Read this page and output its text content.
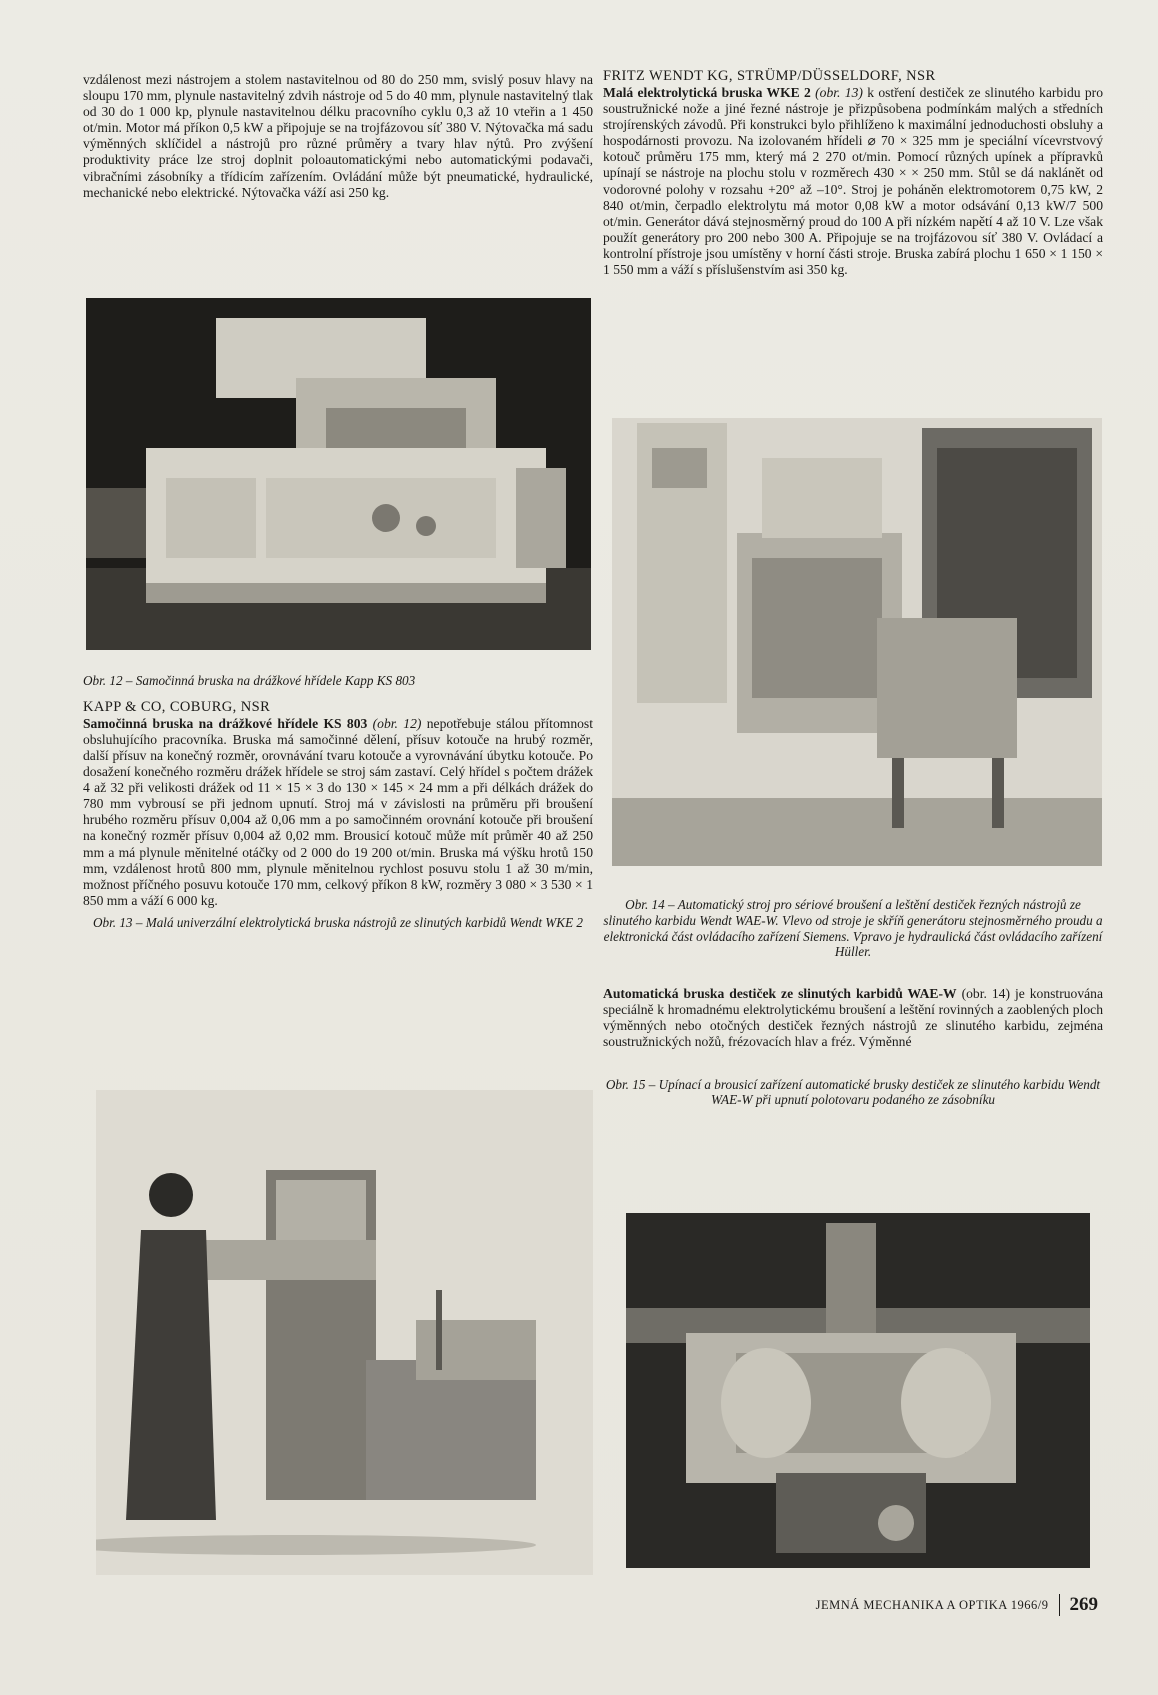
vzdálenost mezi nástrojem a stolem nastavitelnou od 80 do 250 mm, svislý posuv hlavy na sloupu 170 mm, plynule nastavitelný zdvih nástroje od 5 do 40 mm, plynule nastavitelný tlak od 30 do 1 000 kp, plynule nastavitelnou délku pracovního cyklu 0,3 až 10 vteřin a 1 450 ot/min. Motor má příkon 0,5 kW a připojuje se na trojfázovou síť 380 V. Nýtovačka má sadu výměnných sklíčidel a nástrojů pro různé průměry a tvary hlav nýtů. Pro zvýšení produktivity práce lze stroj doplnit poloautomatickými nebo automatickými podavači, vibračními zásobníky a třídicím zařízením. Ovládání může být pneumatické, hydraulické, mechanické nebo elektrické. Nýtovačka váží asi 250 kg.

Obr. 12 – Samočinná bruska na drážkové hřídele Kapp KS 803

KAPP & CO, COBURG, NSR

Samočinná bruska na drážkové hřídele KS 803 (obr. 12) nepotřebuje stálou přítomnost obsluhujícího pracovníka. Bruska má samočinné dělení, přísuv kotouče na hrubý rozměr, další přísuv na konečný rozměr, orovnávání tvaru kotouče a vyrovnávání úbytku kotouče. Po dosažení konečného rozměru drážek hřídele se stroj sám zastaví. Celý hřídel s počtem drážek 4 až 32 při velikosti drážek od 11 × 15 × 3 do 130 × 145 × 24 mm a při délkách drážek do 780 mm vybrousí se při jednom upnutí. Stroj má v závislosti na průměru při broušení hrubého rozměru přísuv 0,004 až 0,06 mm a po samočinném orovnání kotouče při broušení na konečný rozměr přísuv 0,004 až 0,02 mm. Brousicí kotouč může mít průměr 40 až 250 mm a má plynule měnitelné otáčky od 2 000 do 19 200 ot/min. Bruska má výšku hrotů 150 mm, vzdálenost hrotů 800 mm, plynule měnitelnou rychlost posuvu stolu 1 až 30 m/min, možnost příčného posuvu kotouče 170 mm, celkový příkon 8 kW, rozměry 3 080 × 3 530 × 1 850 mm a váží 6 000 kg.

Obr. 13 – Malá univerzální elektrolytická bruska nástrojů ze slinutých karbidů Wendt WKE 2

FRITZ WENDT KG, STRÜMP/DÜSSELDORF, NSR

Malá elektrolytická bruska WKE 2 (obr. 13) k ostření destiček ze slinutého karbidu pro soustružnické nože a jiné řezné nástroje je přizpůsobena podmínkám malých a středních strojírenských závodů. Při konstrukci bylo přihlíženo k maximální jednoduchosti obsluhy a hospodárnosti provozu. Na izolovaném hřídeli ⌀ 70 × 325 mm je speciální vícevrstvový kotouč průměru 175 mm, který má 2 270 ot/min. Pomocí různých upínek a přípravků upínají se nástroje na plochu stolu v rozměrech 430 × × 250 mm. Stůl se dá naklánět od vodorovné polohy v rozsahu +20° až –10°. Stroj je poháněn elektromotorem 0,75 kW, 2 840 ot/min, čerpadlo elektrolytu má motor 0,08 kW a motor odsávání 0,13 kW/7 500 ot/min. Generátor dává stejnosměrný proud do 100 A při nízkém napětí 4 až 10 V. Lze však použít generátory pro 200 nebo 300 A. Připojuje se na trojfázovou síť 380 V. Ovládací a kontrolní přístroje jsou umístěny v horní části stroje. Bruska zabírá plochu 1 650 × 1 150 × 1 550 mm a váží s příslušenstvím asi 350 kg.

Obr. 14 – Automatický stroj pro sériové broušení a leštění destiček řezných nástrojů ze slinutého karbidu Wendt WAE-W. Vlevo od stroje je skříň generátoru stejnosměrného proudu a elektronická část ovládacího zařízení Siemens. Vpravo je hydraulická část ovládacího zařízení Hüller.

Automatická bruska destiček ze slinutých karbidů WAE-W (obr. 14) je konstruována speciálně k hromadnému elektrolytickému broušení a leštění rovinných a zaoblených ploch výměnných nebo otočných destiček řezných nástrojů ze slinutého karbidu, zejména soustružnických nožů, frézovacích hlav a fréz. Výměnné

Obr. 15 – Upínací a brousicí zařízení automatické brusky destiček ze slinutého karbidu Wendt WAE-W při upnutí polotovaru podaného ze zásobníku

JEMNÁ MECHANIKA A OPTIKA 1966/9 269
